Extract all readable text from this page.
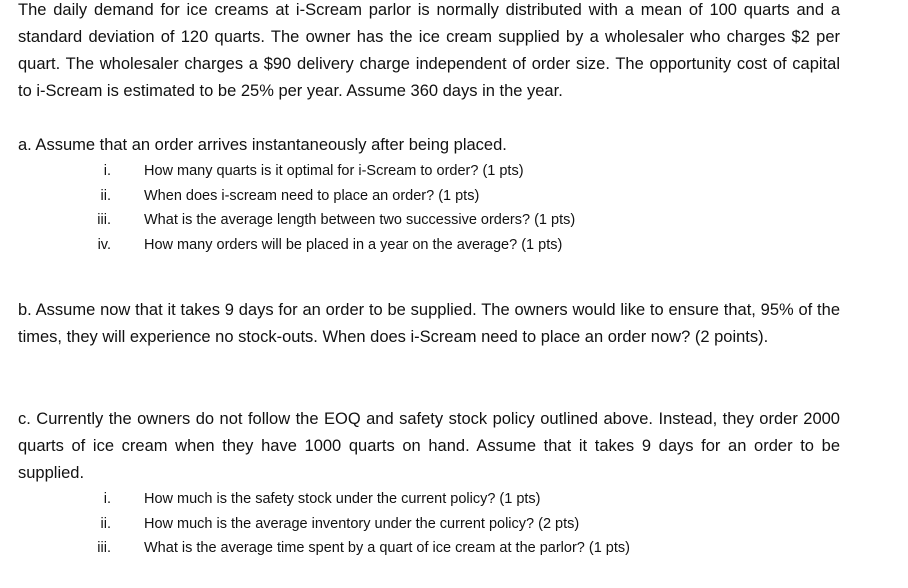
The daily demand for ice creams at i-Scream parlor is normally distributed with a mean of 100 quarts and a standard deviation of 120 quarts. The owner has the ice cream supplied by a wholesaler who charges $2 per quart. The wholesaler charges a $90 delivery charge independent of order size. The opportunity cost of capital to i-Scream is estimated to be 25% per year. Assume 360 days in the year.

a. Assume that an order arrives instantaneously after being placed.

i. How many quarts is it optimal for i-Scream to order? (1 pts)
ii. When does i-scream need to place an order? (1 pts)
iii. What is the average length between two successive orders? (1 pts)
iv. How many orders will be placed in a year on the average? (1 pts)

b. Assume now that it takes 9 days for an order to be supplied. The owners would like to ensure that, 95% of the times, they will experience no stock-outs. When does i-Scream need to place an order now? (2 points).

c. Currently the owners do not follow the EOQ and safety stock policy outlined above. Instead, they order 2000 quarts of ice cream when they have 1000 quarts on hand. Assume that it takes 9 days for an order to be supplied.

i. How much is the safety stock under the current policy? (1 pts)
ii. How much is the average inventory under the current policy? (2 pts)
iii. What is the average time spent by a quart of ice cream at the parlor? (1 pts)
